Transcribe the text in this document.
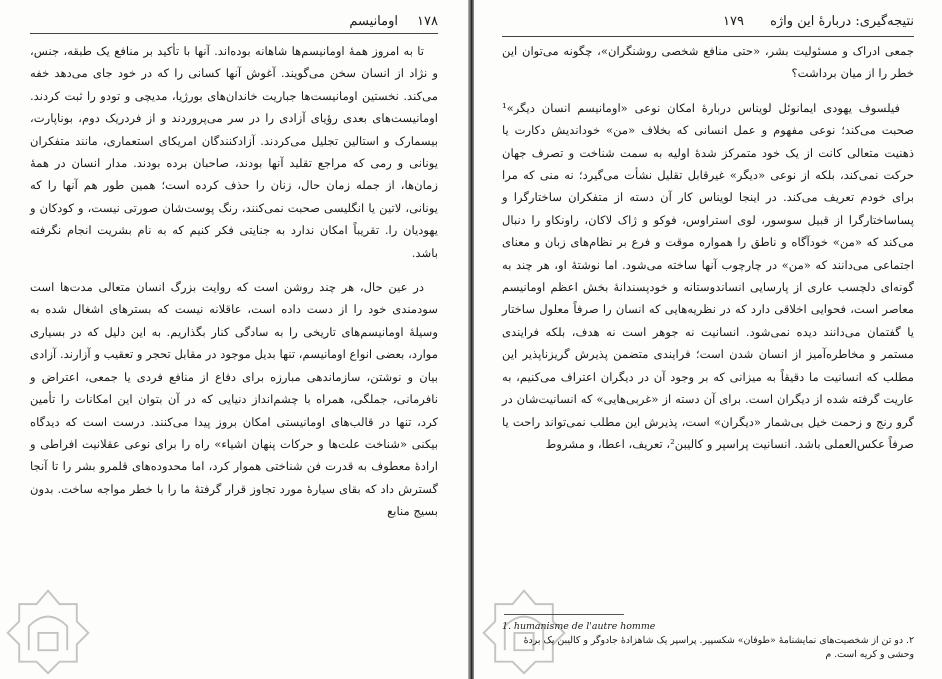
۱۷۸
اومانیسم

تا به امروز همهٔ اومانیسم‌ها شاهانه بوده‌اند. آنها با تأکید بر منافع یک طبقه، جنس، و نژاد از انسان سخن می‌گویند. آغوش آنها کسانی را که در خود جای می‌دهد خفه می‌کند. نخستین اومانیست‌ها جباریت خاندان‌های بورژیا، مدیچی و تودو را ثبت کردند. اومانیست‌های بعدی رؤیای آزادی را در سر می‌پروردند و از فردریک دوم، بوناپارت، بیسمارک و استالین تجلیل می‌کردند. آزادکنندگان امریکای استعماری، مانند متفکران یونانی و رمی که مراجع تقلید آنها بودند، صاحبان برده بودند. مدار انسان در همهٔ زمان‌ها، از جمله زمان حال، زنان را حذف کرده است؛ همین طور هم آنها را که یونانی، لاتین یا انگلیسی صحبت نمی‌کنند، رنگ پوست‌شان صورتی نیست، و کودکان و یهودیان را. تقریباً امکان ندارد به جنایتی فکر کنیم که به نام بشریت انجام نگرفته باشد.

در عین حال، هر چند روشن است که روایت بزرگ انسان متعالی مدت‌ها است سودمندی خود را از دست داده است، عاقلانه نیست که بسترهای اشغال شده به وسیلهٔ اومانیسم‌های تاریخی را به سادگی کنار بگذاریم. به این دلیل که در بسیاری موارد، بعضی انواع اومانیسم، تنها بدیل موجود در مقابل تحجر و تعقیب و آزارند. آزادی بیان و نوشتن، سازماندهی مبارزه برای دفاع از منافع فردی یا جمعی، اعتراض و نافرمانی، جملگی، همراه با چشم‌انداز دنیایی که در آن بتوان این امکانات را تأمین کرد، تنها در قالب‌های اومانیستی امکان بروز پیدا می‌کنند. درست است که دیدگاه بیکنی «شناخت علت‌ها و حرکات پنهان اشیاء» راه را برای نوعی عقلانیت افراطی و ارادهٔ معطوف به قدرت فن شناختی هموار کرد، اما محدوده‌های قلمرو بشر را تا آنجا گسترش داد که بقای سیارهٔ مورد تجاوز قرار گرفتهٔ ما را با خطر مواجه ساخت. بدون بسیج منابع

۱۷۹ نتیجه‌گیری: دربارهٔ این واژه

جمعی ادراک و مسئولیت بشر، «حتی منافع شخصی روشنگران»، چگونه می‌توان این خطر را از میان برداشت؟

فیلسوف یهودی ایمانوئل لویناس دربارهٔ امکان نوعی «اومانیسم انسان دیگر»¹ صحبت می‌کند؛ نوعی مفهوم و عمل انسانی که بخلاف «من» خوداندیش دکارت یا ذهنیت متعالی کانت از یک خود متمرکز شدهٔ اولیه به سمت شناخت و تصرف جهان حرکت نمی‌کند، بلکه از نوعی «دیگر» غیرقابل تقلیل نشأت می‌گیرد؛ نه منی که مرا برای خودم تعریف می‌کند. در اینجا لویناس کار آن دسته از متفکران ساختارگرا و پساساختارگرا از قبیل سوسور، لوی استراوس، فوکو و ژاک لاکان، راونکاو را دنبال می‌کند که «من» خودآگاه و ناطق را همواره موقت و فرع بر نظام‌های زبان و معنای اجتماعی می‌دانند که «من» در چارچوب آنها ساخته می‌شود. اما نوشتهٔ او، هر چند به گونه‌ای دلچسب عاری از پارسایی انساندوستانه و خودپسندانهٔ بخش اعظم اومانیسم معاصر است، فحوایی اخلاقی دارد که در نظریه‌هایی که انسان را صرفاً معلول ساختار یا گفتمان می‌دانند دیده نمی‌شود. انسانیت نه جوهر است نه هدف، بلکه فرایندی مستمر و مخاطره‌آمیز از انسان شدن است؛ فرایندی متضمن پذیرش گریزناپذیر این مطلب که انسانیت ما دقیقاً به میزانی که بر وجود آن در دیگران اعتراف می‌کنیم، به عاریت گرفته شده از دیگران است. برای آن دسته از «غربی‌هایی» که انسانیت‌شان در گرو رنج و زحمت خیل بی‌شمار «دیگران» است، پذیرش این مطلب نمی‌تواند راحت یا صرفاً عکس‌العملی باشد. انسانیت پراسپر و کالیبن²، تعریف، اعطا، و مشروط

1. humanisme de l'autre homme

۲. دو تن از شخصیت‌های نمایشنامهٔ «طوفان» شکسپیر. پراسپر یک شاهزادهٔ جادوگر و کالیبن یک بردهٔ وحشی و کریه است. م
